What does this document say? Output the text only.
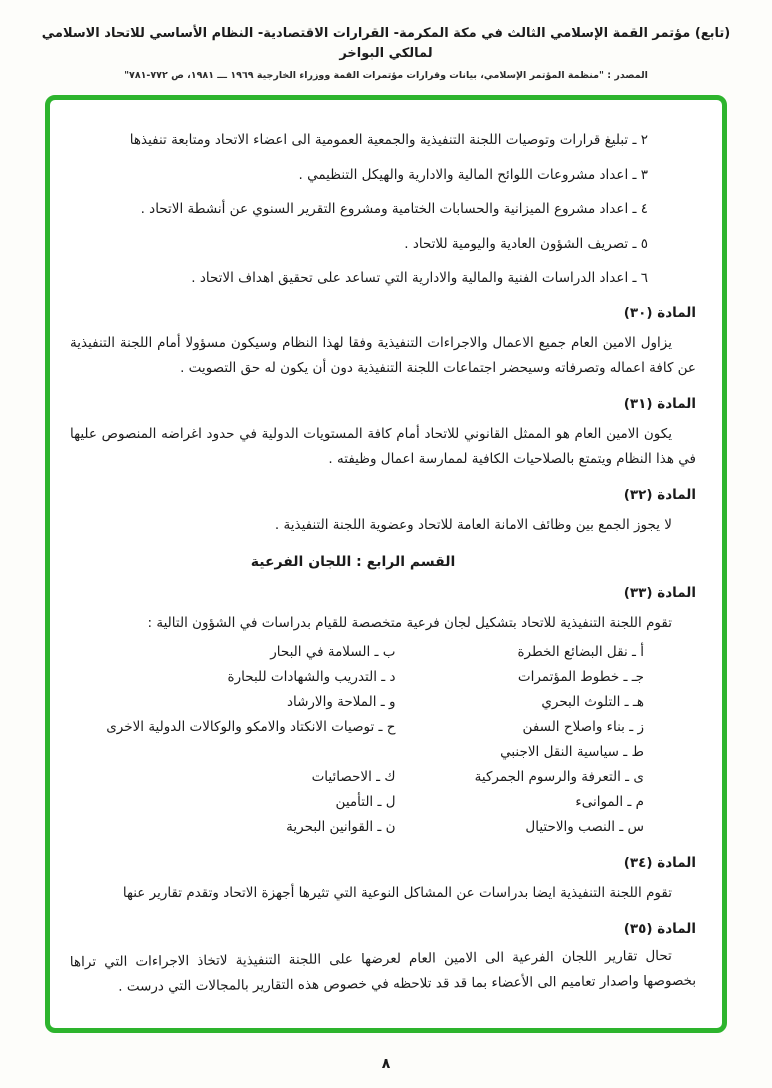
(تابع) مؤتمر القمة الإسلامي الثالث في مكة المكرمة- القرارات الاقتصادية- النظام الأساسي للاتحاد الاسلامي لمالكي البواخر
المصدر : "منظمة المؤتمر الإسلامي، بيانات وقرارات مؤتمرات القمة ووزراء الخارجية ١٩٦٩ ـــ ١٩٨١، ص ٧٧٢-٧٨١"
٢ ـ تبليغ قرارات وتوصيات اللجنة التنفيذية والجمعية العمومية الى اعضاء الاتحاد ومتابعة تنفيذها
٣ ـ اعداد مشروعات اللوائح المالية والادارية والهيكل التنظيمي .
٤ ـ اعداد مشروع الميزانية والحسابات الختامية ومشروع التقرير السنوي عن أنشطة الاتحاد .
٥ ـ تصريف الشؤون العادية واليومية للاتحاد .
٦ ـ اعداد الدراسات الفنية والمالية والادارية التي تساعد على تحقيق اهداف الاتحاد .
المادة (٣٠)
يزاول الامين العام جميع الاعمال والاجراءات التنفيذية وفقا لهذا النظام وسيكون مسؤولا أمام اللجنة التنفيذية عن كافة اعماله وتصرفاته وسيحضر اجتماعات اللجنة التنفيذية دون أن يكون له حق التصويت .
المادة (٣١)
يكون الامين العام هو الممثل القانوني للاتحاد أمام كافة المستويات الدولية في حدود اغراضه المنصوص عليها في هذا النظام ويتمتع بالصلاحيات الكافية لممارسة اعمال وظيفته .
المادة (٣٢)
لا يجوز الجمع بين وظائف الامانة العامة للاتحاد وعضوية اللجنة التنفيذية .
القسم الرابع : اللجان الفرعية
المادة (٣٣)
تقوم اللجنة التنفيذية للاتحاد بتشكيل لجان فرعية متخصصة للقيام بدراسات في الشؤون التالية :
أ ـ نقل البضائع الخطرة
ب ـ السلامة في البحار
جـ ـ خطوط المؤتمرات
د ـ التدريب والشهادات للبحارة
هـ ـ التلوث البحري
و ـ الملاحة والارشاد
ز ـ بناء واصلاح السفن
ح ـ توصيات الانكتاد والامكو والوكالات الدولية الاخرى
ط ـ سياسية النقل الاجنبي
ى ـ التعرفة والرسوم الجمركية
ك ـ الاحصائيات
م ـ الموانىء
ل ـ التأمين
س ـ النصب والاحتيال
ن ـ القوانين البحرية
المادة (٣٤)
تقوم اللجنة التنفيذية ايضا بدراسات عن المشاكل النوعية التي تثيرها أجهزة الاتحاد وتقدم تقارير عنها
المادة (٣٥)
تحال تقارير اللجان الفرعية الى الامين العام لعرضها على اللجنة التنفيذية لاتخاذ الاجراءات التي تراها بخصوصها واصدار تعاميم الى الأعضاء بما قد قد تلاحظه في خصوص هذه التقارير بالمجالات التي درست .
٨
